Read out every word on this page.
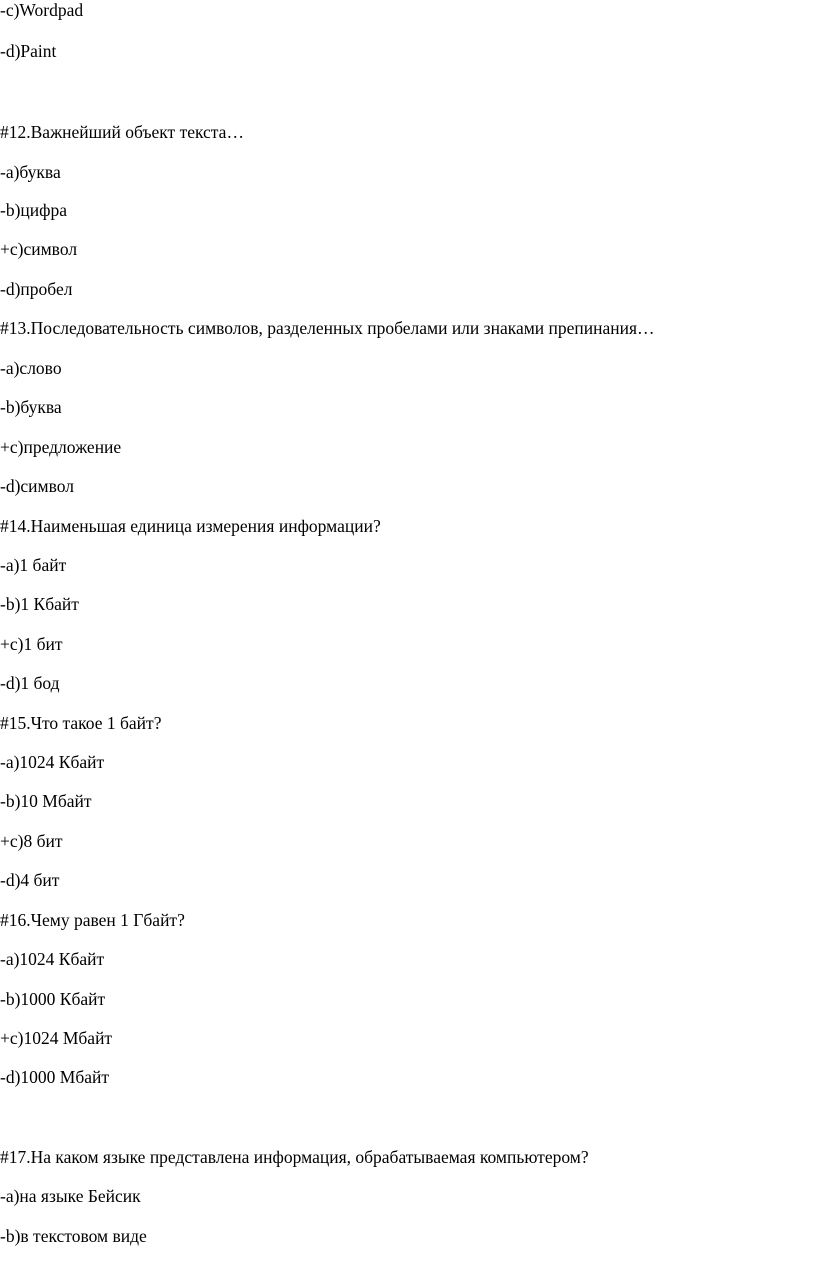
-c)Wordpad
-d)Paint
#12.Важнейший объект текста…
-a)буква
-b)цифра
+c)символ
-d)пробел
#13.Последовательность символов, разделенных пробелами или знаками препинания…
-a)слово
-b)буква
+c)предложение
-d)символ
#14.Наименьшая единица измерения информации?
-a)1 байт
-b)1 Кбайт
+c)1 бит
-d)1 бод
#15.Что такое 1 байт?
-a)1024 Кбайт
-b)10 Мбайт
+c)8 бит
-d)4 бит
#16.Чему равен 1 Гбайт?
-a)1024 Кбайт
-b)1000 Кбайт
+c)1024 Мбайт
-d)1000 Мбайт
#17.На каком языке представлена информация, обрабатываемая компьютером?
-a)на языке Бейсик
-b)в текстовом виде
